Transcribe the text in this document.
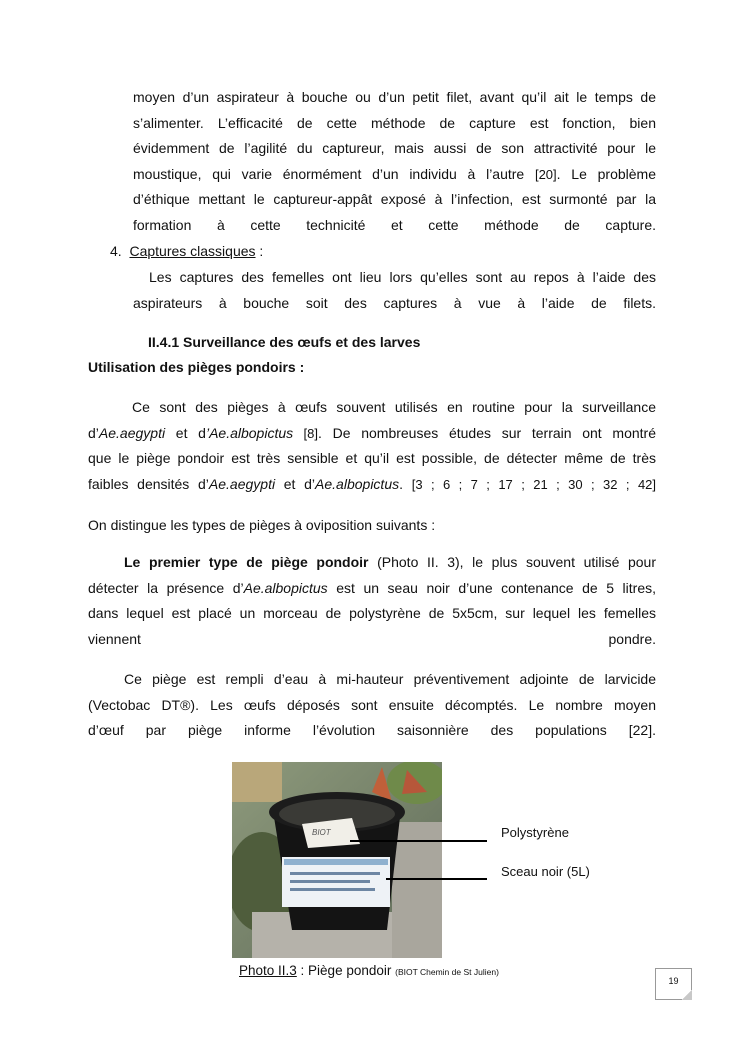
moyen d’un aspirateur à bouche ou d’un petit filet, avant qu’il ait le temps de
s’alimenter. L’efficacité de cette méthode de capture est fonction, bien
évidemment de l’agilité du captureur, mais aussi de son attractivité pour le
moustique, qui varie énormément d’un individu à l’autre [20]. Le problème
d’éthique mettant le captureur-appât exposé à l’infection, est surmonté par la
formation à cette technicité et cette méthode de capture.
4. Captures classiques :
Les captures des femelles ont lieu lors qu’elles sont au repos à l’aide des
aspirateurs à bouche soit des captures à vue à l’aide de filets.
II.4.1 Surveillance des œufs et des larves
Utilisation des pièges pondoirs :
Ce sont des pièges à œufs souvent utilisés en routine pour la surveillance
d’Ae.aegypti et d’Ae.albopictus [8]. De nombreuses études sur terrain ont montré
que le piège pondoir est très sensible et qu’il est possible, de détecter même de très
faibles densités d’Ae.aegypti et d’Ae.albopictus. [3 ; 6 ; 7 ; 17 ; 21 ; 30 ; 32 ; 42]
On distingue les types de pièges à oviposition suivants :
Le premier type de piège pondoir (Photo II. 3), le plus souvent utilisé pour
détecter la présence d’Ae.albopictus est un seau noir d’une contenance de 5 litres,
dans lequel est placé un morceau de polystyrène de 5x5cm, sur lequel les femelles
viennent pondre.
Ce piège est rempli d’eau à mi-hauteur préventivement adjointe de larvicide
(Vectobac DT®). Les œufs déposés sont ensuite décomptés. Le nombre moyen
d’œuf par piège informe l’évolution saisonnière des populations [22].
BIOT	Polystyrène
Sceau noir (5L)
Photo II.3 : Piège pondoir (BIOT Chemin de St Julien)
19
